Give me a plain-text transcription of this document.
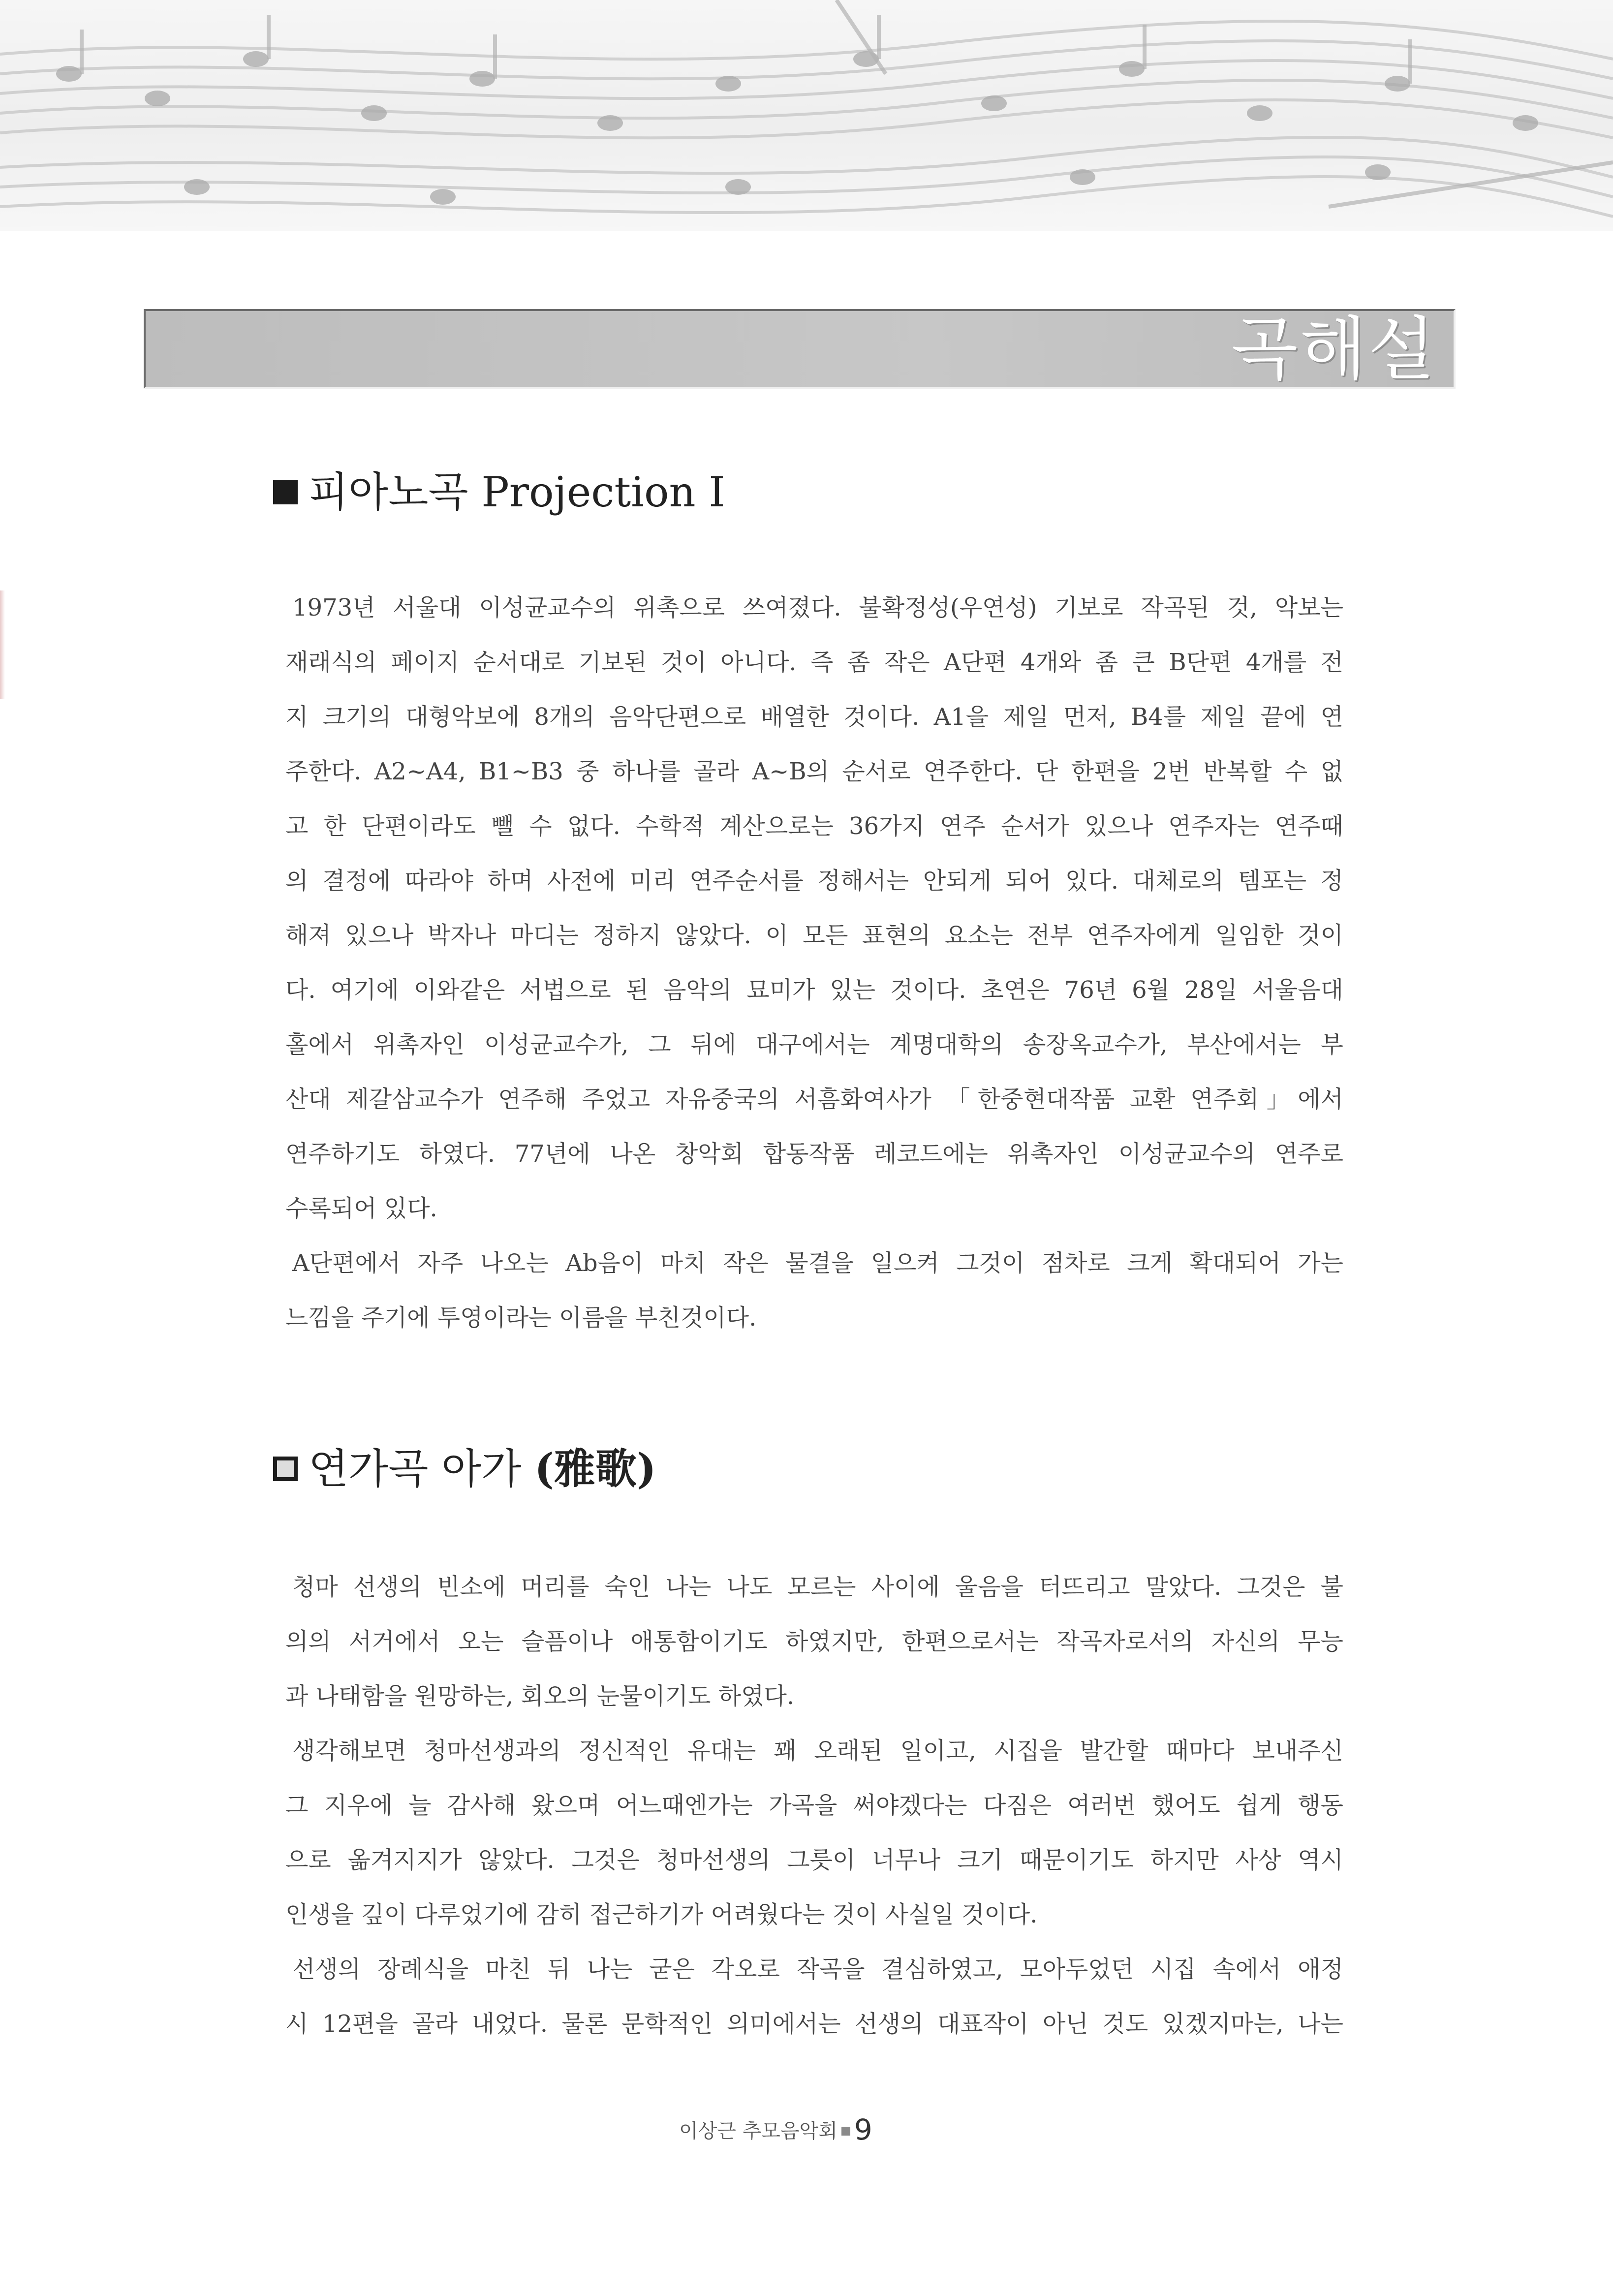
곡해설
피아노곡 Projection I
1973년 서울대 이성균교수의 위촉으로 쓰여졌다. 불확정성(우연성) 기보로 작곡된 것, 악보는
재래식의 페이지 순서대로 기보된 것이 아니다. 즉 좀 작은 A단편 4개와 좀 큰 B단편 4개를 전
지 크기의 대형악보에 8개의 음악단편으로 배열한 것이다. A1을 제일 먼저, B4를 제일 끝에 연
주한다. A2~A4, B1~B3 중 하나를 골라 A~B의 순서로 연주한다. 단 한편을 2번 반복할 수 없
고 한 단편이라도 뺄 수 없다. 수학적 계산으로는 36가지 연주 순서가 있으나 연주자는 연주때
의 결정에 따라야 하며 사전에 미리 연주순서를 정해서는 안되게 되어 있다. 대체로의 템포는 정
해져 있으나 박자나 마디는 정하지 않았다. 이 모든 표현의 요소는 전부 연주자에게 일임한 것이
다. 여기에 이와같은 서법으로 된 음악의 묘미가 있는 것이다. 초연은 76년 6월 28일 서울음대
홀에서 위촉자인 이성균교수가, 그 뒤에 대구에서는 계명대학의 송장옥교수가, 부산에서는 부
산대 제갈삼교수가 연주해 주었고 자유중국의 서흠화여사가 「한중현대작품 교환 연주회」에서
연주하기도 하였다. 77년에 나온 창악회 합동작품 레코드에는 위촉자인 이성균교수의 연주로
수록되어 있다.
A단편에서 자주 나오는 Ab음이 마치 작은 물결을 일으켜 그것이 점차로 크게 확대되어 가는
느낌을 주기에 투영이라는 이름을 부친것이다.
연가곡 아가 (雅歌)
청마 선생의 빈소에 머리를 숙인 나는 나도 모르는 사이에 울음을 터뜨리고 말았다. 그것은 불
의의 서거에서 오는 슬픔이나 애통함이기도 하였지만, 한편으로서는 작곡자로서의 자신의 무능
과 나태함을 원망하는, 회오의 눈물이기도 하였다.
생각해보면 청마선생과의 정신적인 유대는 꽤 오래된 일이고, 시집을 발간할 때마다 보내주신
그 지우에 늘 감사해 왔으며 어느때엔가는 가곡을 써야겠다는 다짐은 여러번 했어도 쉽게 행동
으로 옮겨지지가 않았다. 그것은 청마선생의 그릇이 너무나 크기 때문이기도 하지만 사상 역시
인생을 깊이 다루었기에 감히 접근하기가 어려웠다는 것이 사실일 것이다.
선생의 장례식을 마친 뒤 나는 굳은 각오로 작곡을 결심하였고, 모아두었던 시집 속에서 애정
시 12편을 골라 내었다. 물론 문학적인 의미에서는 선생의 대표작이 아닌 것도 있겠지마는, 나는
이상근 추모음악회 9
